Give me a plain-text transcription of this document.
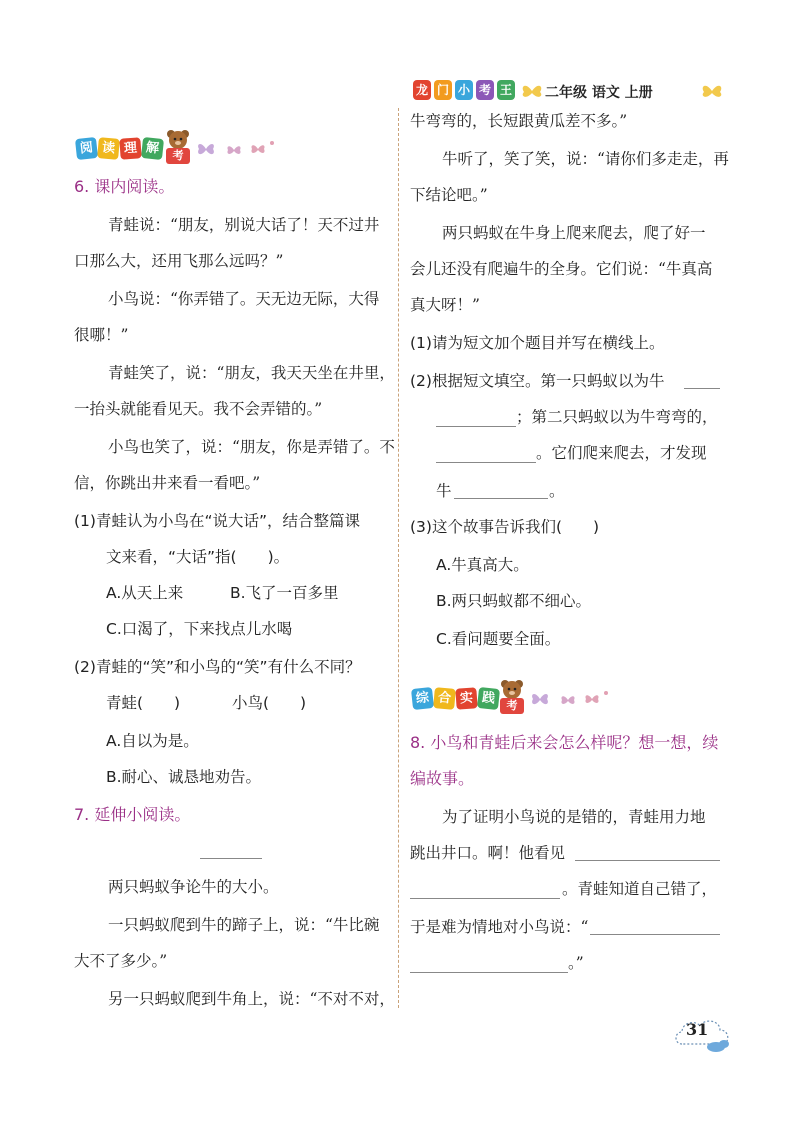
龙 门 小 考 王 二年级 语文 上册
阅 读 理 解	考
6. 课内阅读。
青蛙说：“朋友，别说大话了！天不过井
口那么大，还用飞那么远吗？”
小鸟说：“你弄错了。天无边无际，大得
很哪！”
青蛙笑了，说：“朋友，我天天坐在井里，
一抬头就能看见天。我不会弄错的。”
小鸟也笑了，说：“朋友，你是弄错了。不
信，你跳出井来看一看吧。”
(1)青蛙认为小鸟在“说大话”，结合整篇课
文来看，“大话”指(　　)。
A.从天上来	B.飞了一百多里
C.口渴了，下来找点儿水喝
(2)青蛙的“笑”和小鸟的“笑”有什么不同？
青蛙(　　)	小鸟(　　)
A.自以为是。
B.耐心、诚恳地劝告。
7. 延伸小阅读。
两只蚂蚁争论牛的大小。
一只蚂蚁爬到牛的蹄子上，说：“牛比碗
大不了多少。”
另一只蚂蚁爬到牛角上，说：“不对不对，
牛弯弯的，长短跟黄瓜差不多。”
牛听了，笑了笑，说：“请你们多走走，再
下结论吧。”
两只蚂蚁在牛身上爬来爬去，爬了好一
会儿还没有爬遍牛的全身。它们说：“牛真高
真大呀！”
(1)请为短文加个题目并写在横线上。
(2)根据短文填空。第一只蚂蚁以为牛
；第二只蚂蚁以为牛弯弯的，
。它们爬来爬去，才发现
牛	。
(3)这个故事告诉我们(　　)
A.牛真高大。
B.两只蚂蚁都不细心。
C.看问题要全面。
综 合 实 践 考
8. 小鸟和青蛙后来会怎么样呢？想一想，续
编故事。
为了证明小鸟说的是错的，青蛙用力地
跳出井口。啊！他看见
。青蛙知道自己错了，
于是难为情地对小鸟说：“
。”
31
